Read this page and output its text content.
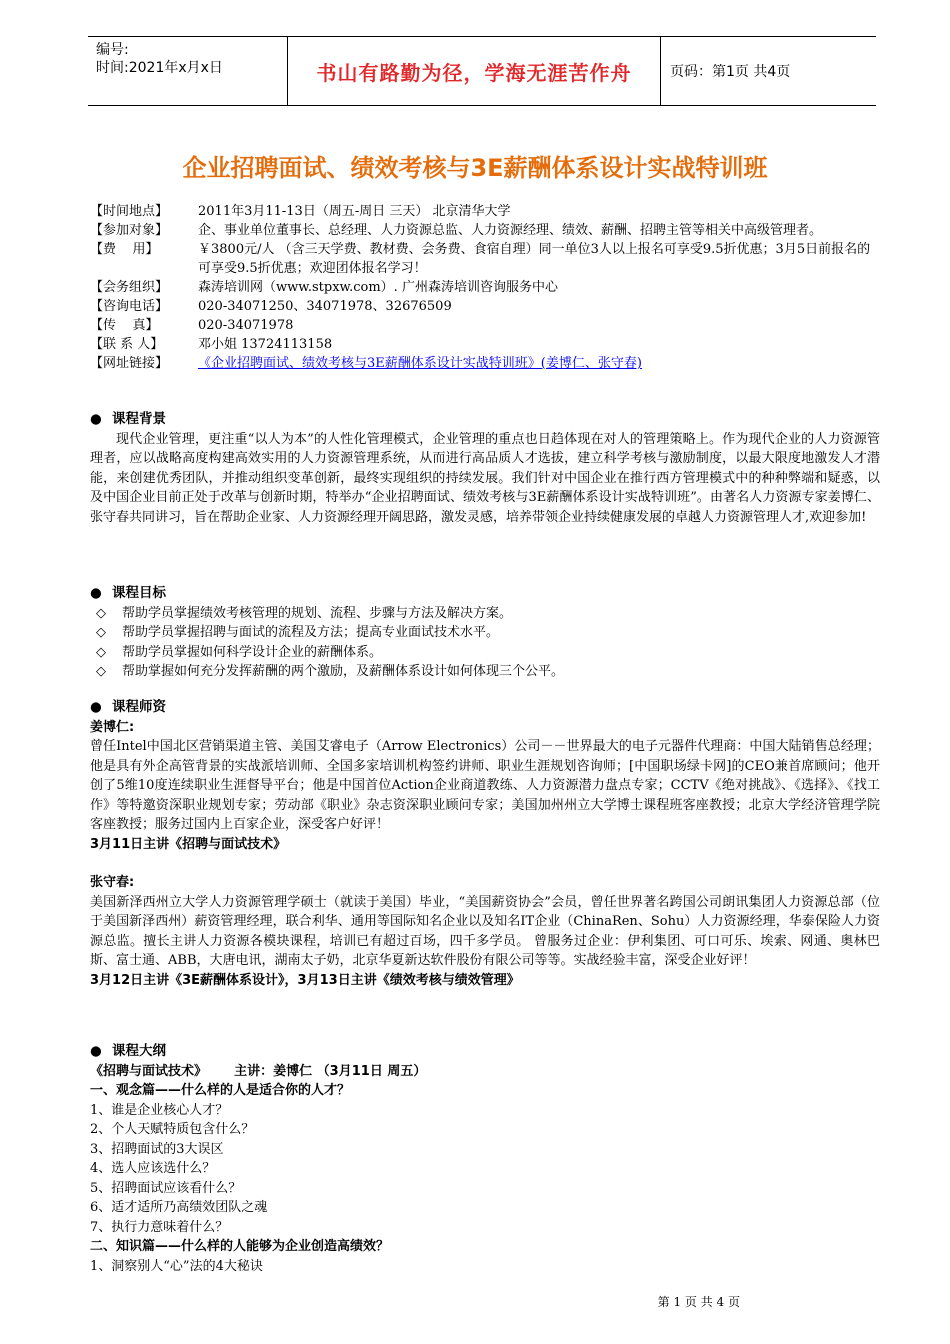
编号:
时间:2021年x月x日	书山有路勤为径，学海无涯苦作舟	页码：第1页 共4页
企业招聘面试、绩效考核与3E薪酬体系设计实战特训班
【时间地点】	2011年3月11-13日（周五-周日 三天） 北京清华大学
【参加对象】	企、事业单位董事长、总经理、人力资源总监、人力资源经理、绩效、薪酬、招聘主管等相关中高级管理者。
【费    用】	￥3800元/人 （含三天学费、教材费、会务费、食宿自理）同一单位3人以上报名可享受9.5折优惠；3月5日前报名的可享受9.5折优惠；欢迎团体报名学习！
【会务组织】	森涛培训网（www.stpxw.com）. 广州森涛培训咨询服务中心
【咨询电话】	020-34071250、34071978、32676509
【传    真】	020-34071978
【联 系 人】	邓小姐 13724113158
【网址链接】	《企业招聘面试、绩效考核与3E薪酬体系设计实战特训班》(姜博仁、张守春)
● 课程背景
现代企业管理，更注重“以人为本”的人性化管理模式，企业管理的重点也日趋体现在对人的管理策略上。作为现代企业的人力资源管理者，应以战略高度构建高效实用的人力资源管理系统，从而进行高品质人才选拔，建立科学考核与激励制度，以最大限度地激发人才潜能，来创建优秀团队，并推动组织变革创新，最终实现组织的持续发展。我们针对中国企业在推行西方管理模式中的种种弊端和疑惑，以及中国企业目前正处于改革与创新时期，特举办“企业招聘面试、绩效考核与3E薪酬体系设计实战特训班”。由著名人力资源专家姜博仁、张守春共同讲习，旨在帮助企业家、人力资源经理开阔思路，激发灵感，培养带领企业持续健康发展的卓越人力资源管理人才,欢迎参加!
● 课程目标
◇ 帮助学员掌握绩效考核管理的规划、流程、步骤与方法及解决方案。
◇ 帮助学员掌握招聘与面试的流程及方法；提高专业面试技术水平。
◇ 帮助学员掌握如何科学设计企业的薪酬体系。
◇ 帮助掌握如何充分发挥薪酬的两个激励，及薪酬体系设计如何体现三个公平。
● 课程师资
姜博仁:
曾任Intel中国北区营销渠道主管、美国艾睿电子（Arrow Electronics）公司－－世界最大的电子元器件代理商：中国大陆销售总经理；他是具有外企高管背景的实战派培训师、全国多家培训机构签约讲师、职业生涯规划咨询师；[中国职场绿卡网]的CEO兼首席顾问；他开创了5维10度连续职业生涯督导平台；他是中国首位Action企业商道教练、人力资源潜力盘点专家；CCTV《绝对挑战》、《选择》、《找工作》等特邀资深职业规划专家；劳动部《职业》杂志资深职业顾问专家；美国加州州立大学博士课程班客座教授；北京大学经济管理学院客座教授；服务过国内上百家企业，深受客户好评！
3月11日主讲《招聘与面试技术》
张守春:
美国新泽西州立大学人力资源管理学硕士（就读于美国）毕业，“美国薪资协会”会员，曾任世界著名跨国公司朗讯集团人力资源总部（位于美国新泽西州）薪资管理经理，联合利华、通用等国际知名企业以及知名IT企业（ChinaRen、Sohu）人力资源经理，华泰保险人力资源总监。擅长主讲人力资源各模块课程，培训已有超过百场，四千多学员。 曾服务过企业：伊利集团、可口可乐、埃索、网通、奥林巴斯、富士通、ABB，大唐电讯，湖南太子奶，北京华夏新达软件股份有限公司等等。实战经验丰富，深受企业好评！
3月12日主讲《3E薪酬体系设计》，3月13日主讲《绩效考核与绩效管理》
● 课程大纲
《招聘与面试技术》      主讲：姜博仁 （3月11日 周五）
一、观念篇——什么样的人是适合你的人才？
1、谁是企业核心人才？
2、个人天赋特质包含什么？
3、招聘面试的3大误区
4、选人应该选什么？
5、招聘面试应该看什么？
6、适才适所乃高绩效团队之魂
7、执行力意味着什么？
二、知识篇——什么样的人能够为企业创造高绩效？
1、洞察别人“心”法的4大秘诀
第 1 页 共 4 页
